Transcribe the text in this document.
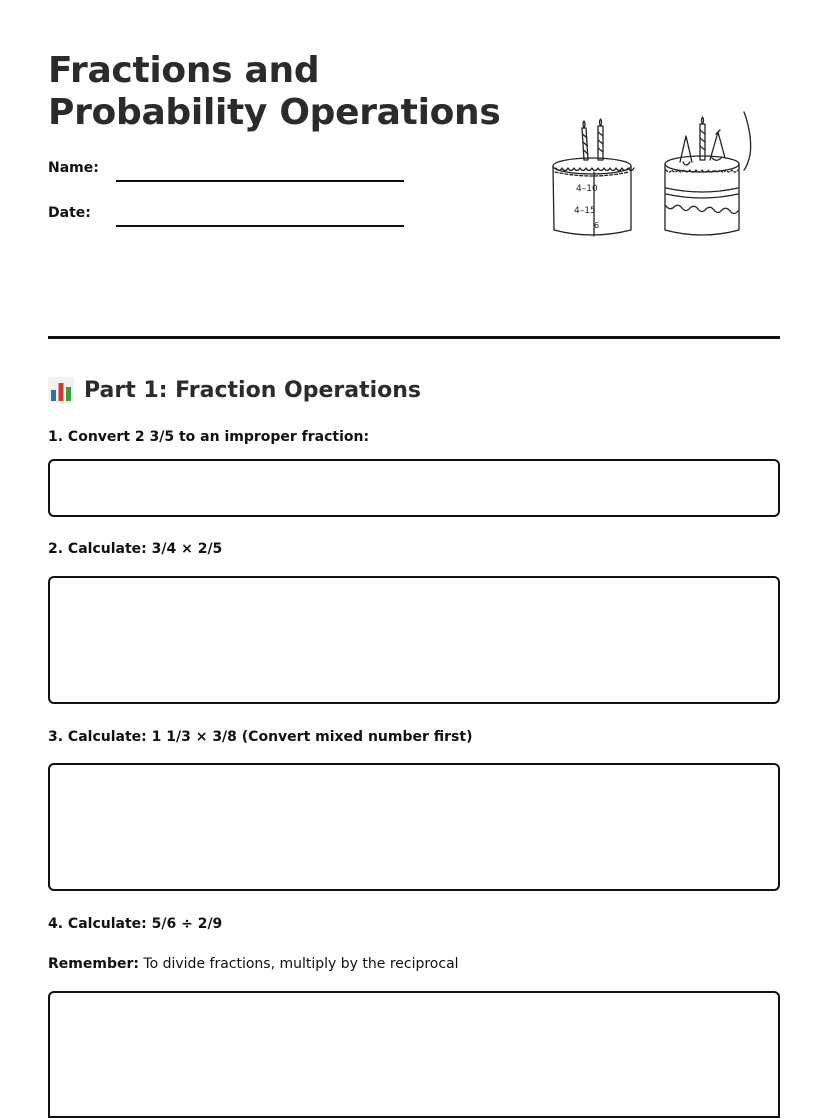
Fractions and
Probability Operations
Name:
Date:
4–10
4–15
6
Part 1: Fraction Operations
1. Convert 2 3/5 to an improper fraction:
2. Calculate: 3/4 × 2/5
3. Calculate: 1 1/3 × 3/8 (Convert mixed number first)
4. Calculate: 5/6 ÷ 2/9
Remember: To divide fractions, multiply by the reciprocal
